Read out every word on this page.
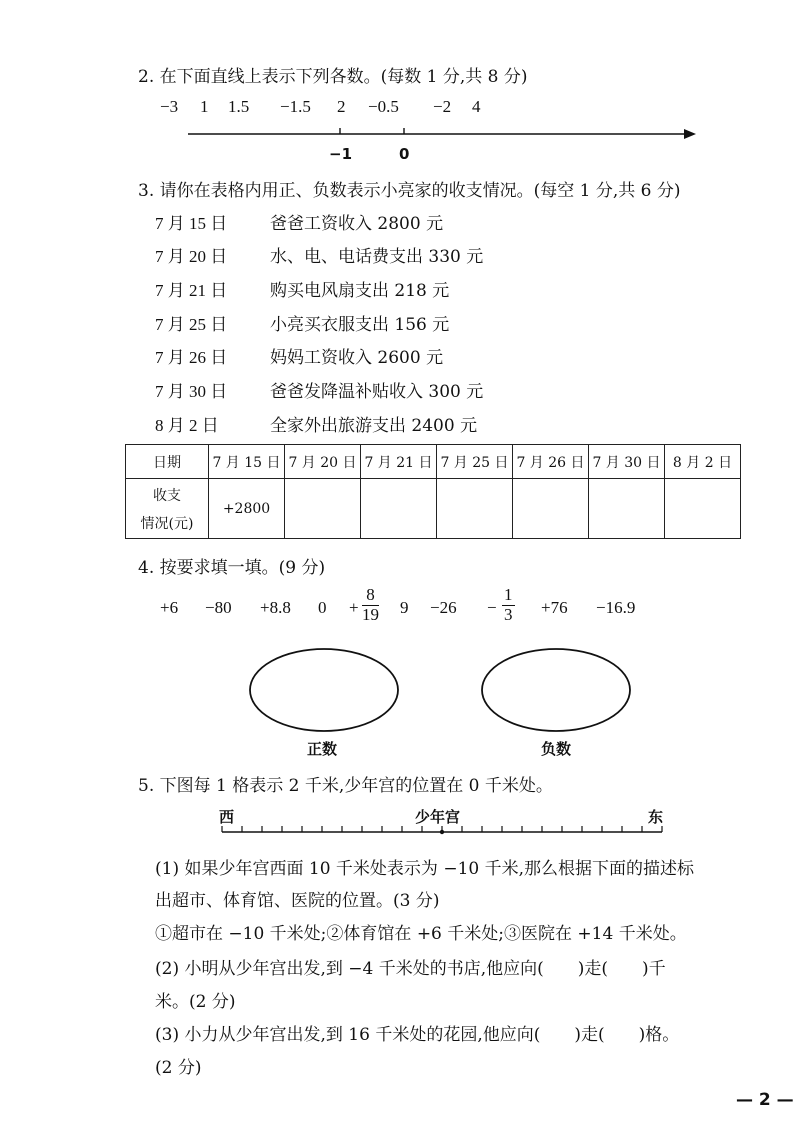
2. 在下面直线上表示下列各数。(每数 1 分,共 8 分)
−3 1 1.5 −1.5 2 −0.5 −2 4
−1	0
3. 请你在表格内用正、负数表示小亮家的收支情况。(每空 1 分,共 6 分)
7 月 15 日	爸爸工资收入 2800 元
7 月 20 日	水、电、电话费支出 330 元
7 月 21 日	购买电风扇支出 218 元
7 月 25 日	小亮买衣服支出 156 元
7 月 26 日	妈妈工资收入 2600 元
7 月 30 日	爸爸发降温补贴收入 300 元
8 月 2 日	全家外出旅游支出 2400 元
日期	7 月 15 日	7 月 20 日	7 月 21 日	7 月 25 日	7 月 26 日	7 月 30 日	8 月 2 日

收支
情况(元)	+2800						
4. 按要求填一填。(9 分)
+6 −80 +8.8 $0 + \frac{8}{19} 9 -26 - \frac{1}{3} +76 -16.9$
正数	负数
5. 下图每 1 格表示 2 千米,少年宫的位置在 0 千米处。
西	少年宫	东
(1) 如果少年宫西面 10 千米处表示为 −10 千米,那么根据下面的描述标
出超市、体育馆、医院的位置。(3 分)
①超市在 −10 千米处;②体育馆在 +6 千米处;③医院在 +14 千米处。
(2) 小明从少年宫出发,到 −4 千米处的书店,他应向(　　)走(　　)千
米。(2 分)
(3) 小力从少年宫出发,到 16 千米处的花园,他应向(　　)走(　　)格。
(2 分)
— 2 —
